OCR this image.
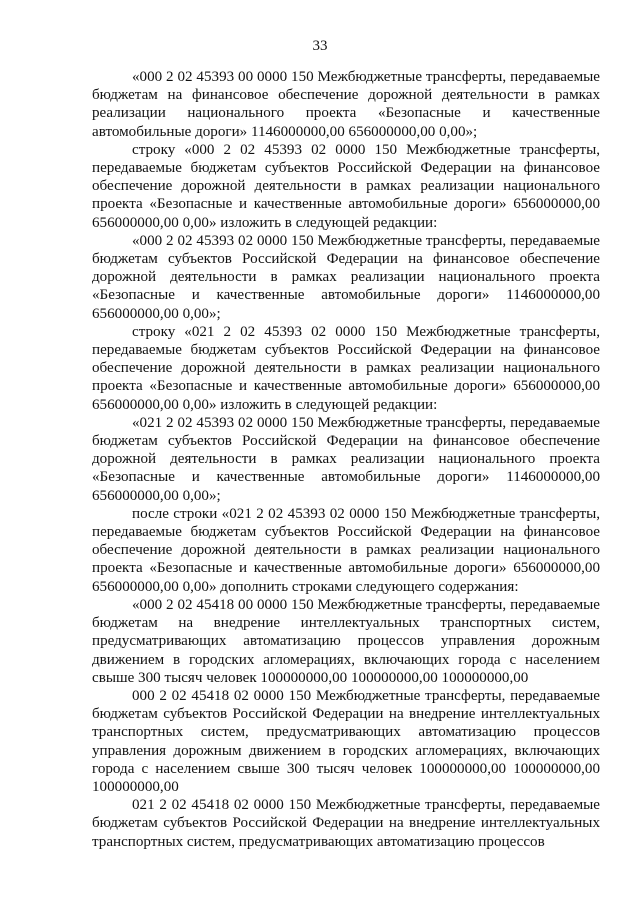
33

«000 2 02 45393 00 0000 150 Межбюджетные трансферты, передаваемые бюджетам на финансовое обеспечение дорожной деятельности в рамках реализации национального проекта «Безопасные и качественные автомобильные дороги» 1146000000,00 656000000,00 0,00»;

строку «000 2 02 45393 02 0000 150 Межбюджетные трансферты, передаваемые бюджетам субъектов Российской Федерации на финансовое обеспечение дорожной деятельности в рамках реализации национального проекта «Безопасные и качественные автомобильные дороги» 656000000,00 656000000,00 0,00» изложить в следующей редакции:

«000 2 02 45393 02 0000 150 Межбюджетные трансферты, передаваемые бюджетам субъектов Российской Федерации на финансовое обеспечение дорожной деятельности в рамках реализации национального проекта «Безопасные и качественные автомобильные дороги» 1146000000,00 656000000,00 0,00»;

строку «021 2 02 45393 02 0000 150 Межбюджетные трансферты, передаваемые бюджетам субъектов Российской Федерации на финансовое обеспечение дорожной деятельности в рамках реализации национального проекта «Безопасные и качественные автомобильные дороги» 656000000,00 656000000,00 0,00» изложить в следующей редакции:

«021 2 02 45393 02 0000 150 Межбюджетные трансферты, передаваемые бюджетам субъектов Российской Федерации на финансовое обеспечение дорожной деятельности в рамках реализации национального проекта «Безопасные и качественные автомобильные дороги» 1146000000,00 656000000,00 0,00»;

после строки «021 2 02 45393 02 0000 150 Межбюджетные трансферты, передаваемые бюджетам субъектов Российской Федерации на финансовое обеспечение дорожной деятельности в рамках реализации национального проекта «Безопасные и качественные автомобильные дороги» 656000000,00 656000000,00 0,00» дополнить строками следующего содержания:

«000 2 02 45418 00 0000 150 Межбюджетные трансферты, передаваемые бюджетам на внедрение интеллектуальных транспортных систем, предусматривающих автоматизацию процессов управления дорожным движением в городских агломерациях, включающих города с населением свыше 300 тысяч человек 100000000,00 100000000,00 100000000,00

000 2 02 45418 02 0000 150 Межбюджетные трансферты, передаваемые бюджетам субъектов Российской Федерации на внедрение интеллектуальных транспортных систем, предусматривающих автоматизацию процессов управления дорожным движением в городских агломерациях, включающих города с населением свыше 300 тысяч человек 100000000,00 100000000,00 100000000,00

021 2 02 45418 02 0000 150 Межбюджетные трансферты, передаваемые бюджетам субъектов Российской Федерации на внедрение интеллектуальных транспортных систем, предусматривающих автоматизацию процессов
